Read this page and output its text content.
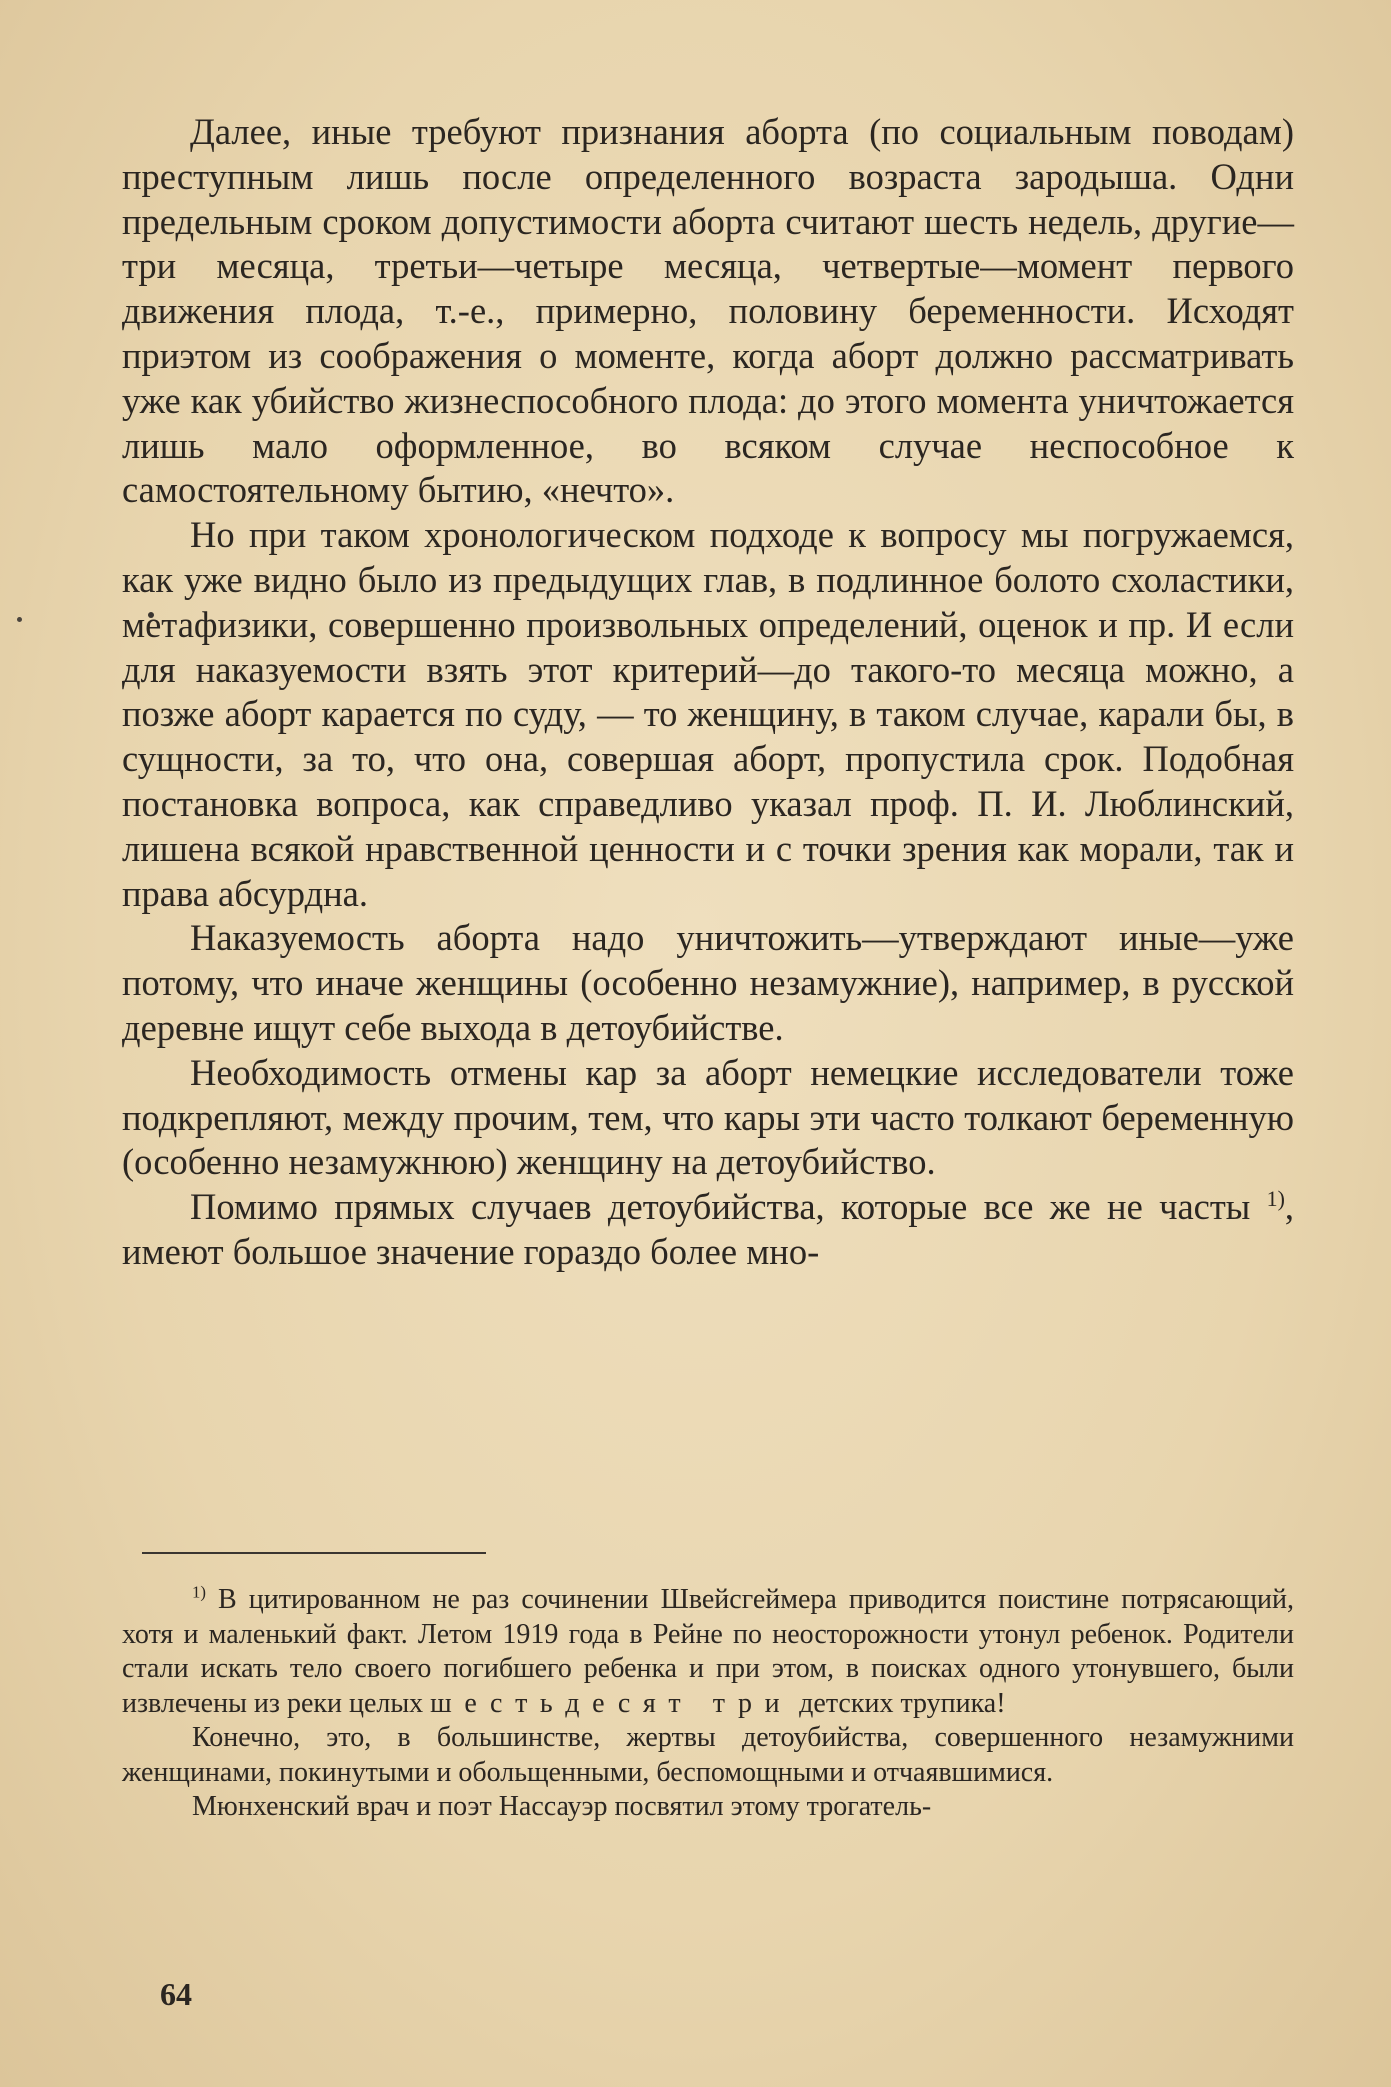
Далее, иные требуют признания аборта (по социальным поводам) преступным лишь после определенного возраста зародыша. Одни предельным сроком допустимости аборта считают шесть недель, другие—три месяца, третьи—четыре месяца, четвертые—момент первого движения плода, т.-е., примерно, половину беременности. Исходят приэтом из соображения о моменте, когда аборт должно рассматривать уже как убийство жизнеспособного плода: до этого момента уничтожается лишь мало оформленное, во всяком случае неспособное к самостоятельному бытию, «нечто».

Но при таком хронологическом подходе к вопросу мы погружаемся, как уже видно было из предыдущих глав, в подлинное болото схоластики, метафизики, совершенно произвольных определений, оценок и пр. И если для наказуемости взять этот критерий—до такого-то месяца можно, а позже аборт карается по суду, — то женщину, в таком случае, карали бы, в сущности, за то, что она, совершая аборт, пропустила срок. Подобная постановка вопроса, как справедливо указал проф. П. И. Люблинский, лишена всякой нравственной ценности и с точки зрения как морали, так и права абсурдна.

Наказуемость аборта надо уничтожить—утверждают иные—уже потому, что иначе женщины (особенно незамужние), например, в русской деревне ищут себе выхода в детоубийстве.

Необходимость отмены кар за аборт немецкие исследователи тоже подкрепляют, между прочим, тем, что кары эти часто толкают беременную (особенно незамужнюю) женщину на детоубийство.

Помимо прямых случаев детоубийства, которые все же не часты $^{1)}$, имеют большое значение гораздо более мно-

$^{1)}$ В цитированном не раз сочинении Швейсгеймера приводится поистине потрясающий, хотя и маленький факт. Летом 1919 года в Рейне по неосторожности утонул ребенок. Родители стали искать тело своего погибшего ребенка и при этом, в поисках одного утонувшего, были извлечены из реки целых шестьдесят три детских трупика!

Конечно, это, в большинстве, жертвы детоубийства, совершенного незамужними женщинами, покинутыми и обольщенными, беспомощными и отчаявшимися.

Мюнхенский врач и поэт Нассауэр посвятил этому трогатель-

64
